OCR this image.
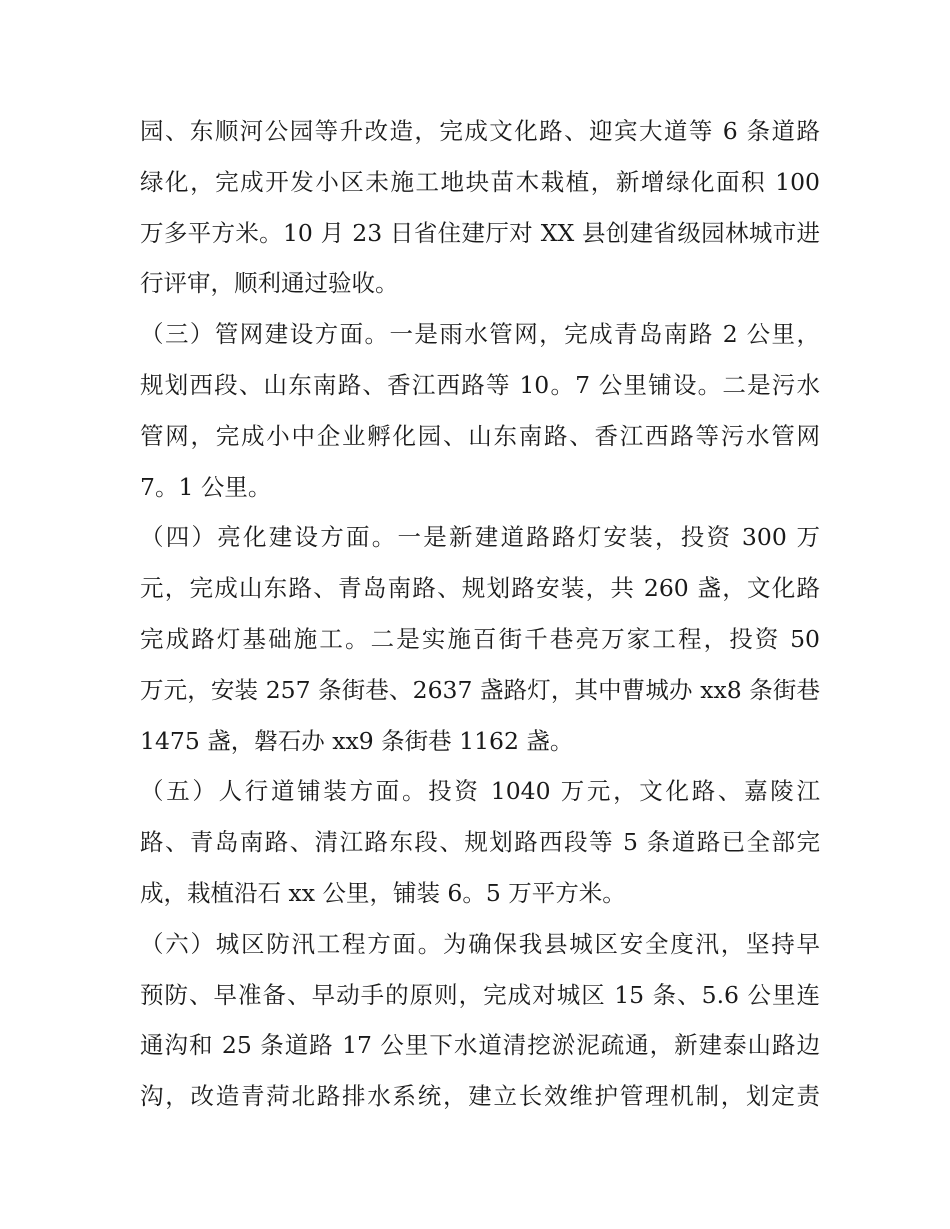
园、东顺河公园等升改造，完成文化路、迎宾大道等 6 条道路
绿化，完成开发小区未施工地块苗木栽植，新增绿化面积 100
万多平方米。10 月 23 日省住建厅对 XX 县创建省级园林城市进
行评审，顺利通过验收。
（三）管网建设方面。一是雨水管网，完成青岛南路 2 公里，
规划西段、山东南路、香江西路等 10。7 公里铺设。二是污水
管网，完成小中企业孵化园、山东南路、香江西路等污水管网
7。1 公里。
（四）亮化建设方面。一是新建道路路灯安装，投资 300 万
元，完成山东路、青岛南路、规划路安装，共 260 盏，文化路
完成路灯基础施工。二是实施百街千巷亮万家工程，投资 50
万元，安装 257 条街巷、2637 盏路灯，其中曹城办 xx8 条街巷
1475 盏，磐石办 xx9 条街巷 1162 盏。
（五）人行道铺装方面。投资 1040 万元，文化路、嘉陵江
路、青岛南路、清江路东段、规划路西段等 5 条道路已全部完
成，栽植沿石 xx 公里，铺装 6。5 万平方米。
（六）城区防汛工程方面。为确保我县城区安全度汛，坚持早
预防、早准备、早动手的原则，完成对城区 15 条、5.6 公里连
通沟和 25 条道路 17 公里下水道清挖淤泥疏通，新建泰山路边
沟，改造青菏北路排水系统，建立长效维护管理机制，划定责
